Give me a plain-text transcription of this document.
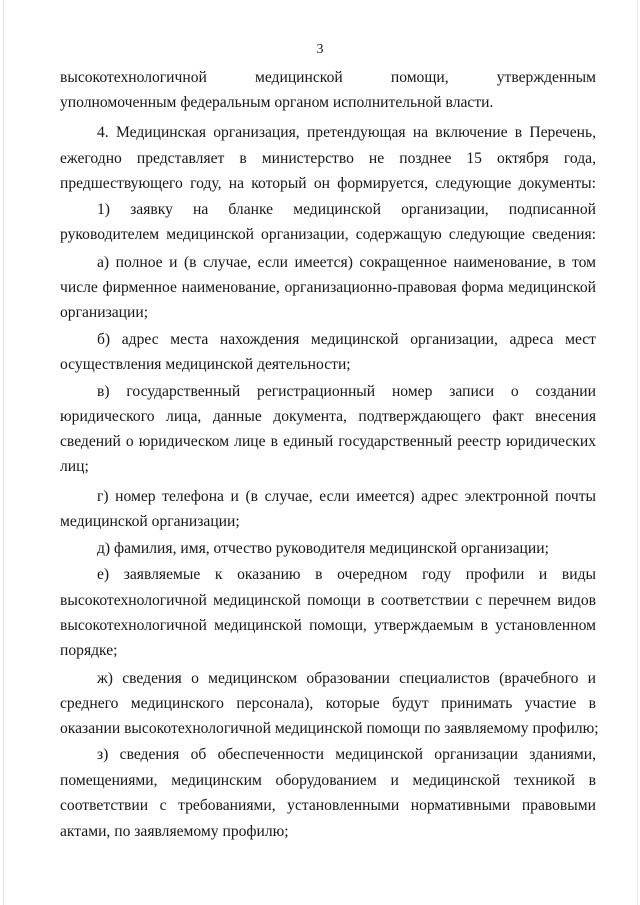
3
высокотехнологичной медицинской помощи, утвержденным
уполномоченным федеральным органом исполнительной власти.
4. Медицинская организация, претендующая на включение в Перечень,
ежегодно представляет в министерство не позднее 15 октября года,
предшествующего году, на который он формируется, следующие документы:
1) заявку на бланке медицинской организации, подписанной
руководителем медицинской организации, содержащую следующие сведения:
а) полное и (в случае, если имеется) сокращенное наименование, в том
числе фирменное наименование, организационно-правовая форма медицинской
организации;
б) адрес места нахождения медицинской организации, адреса мест
осуществления медицинской деятельности;
в) государственный регистрационный номер записи о создании
юридического лица, данные документа, подтверждающего факт внесения
сведений о юридическом лице в единый государственный реестр юридических
лиц;
г) номер телефона и (в случае, если имеется) адрес электронной почты
медицинской организации;
д) фамилия, имя, отчество руководителя медицинской организации;
е) заявляемые к оказанию в очередном году профили и виды
высокотехнологичной медицинской помощи в соответствии с перечнем видов
высокотехнологичной медицинской помощи, утверждаемым в установленном
порядке;
ж) сведения о медицинском образовании специалистов (врачебного и
среднего медицинского персонала), которые будут принимать участие в
оказании высокотехнологичной медицинской помощи по заявляемому профилю;
з) сведения об обеспеченности медицинской организации зданиями,
помещениями, медицинским оборудованием и медицинской техникой в
соответствии с требованиями, установленными нормативными правовыми
актами, по заявляемому профилю;
